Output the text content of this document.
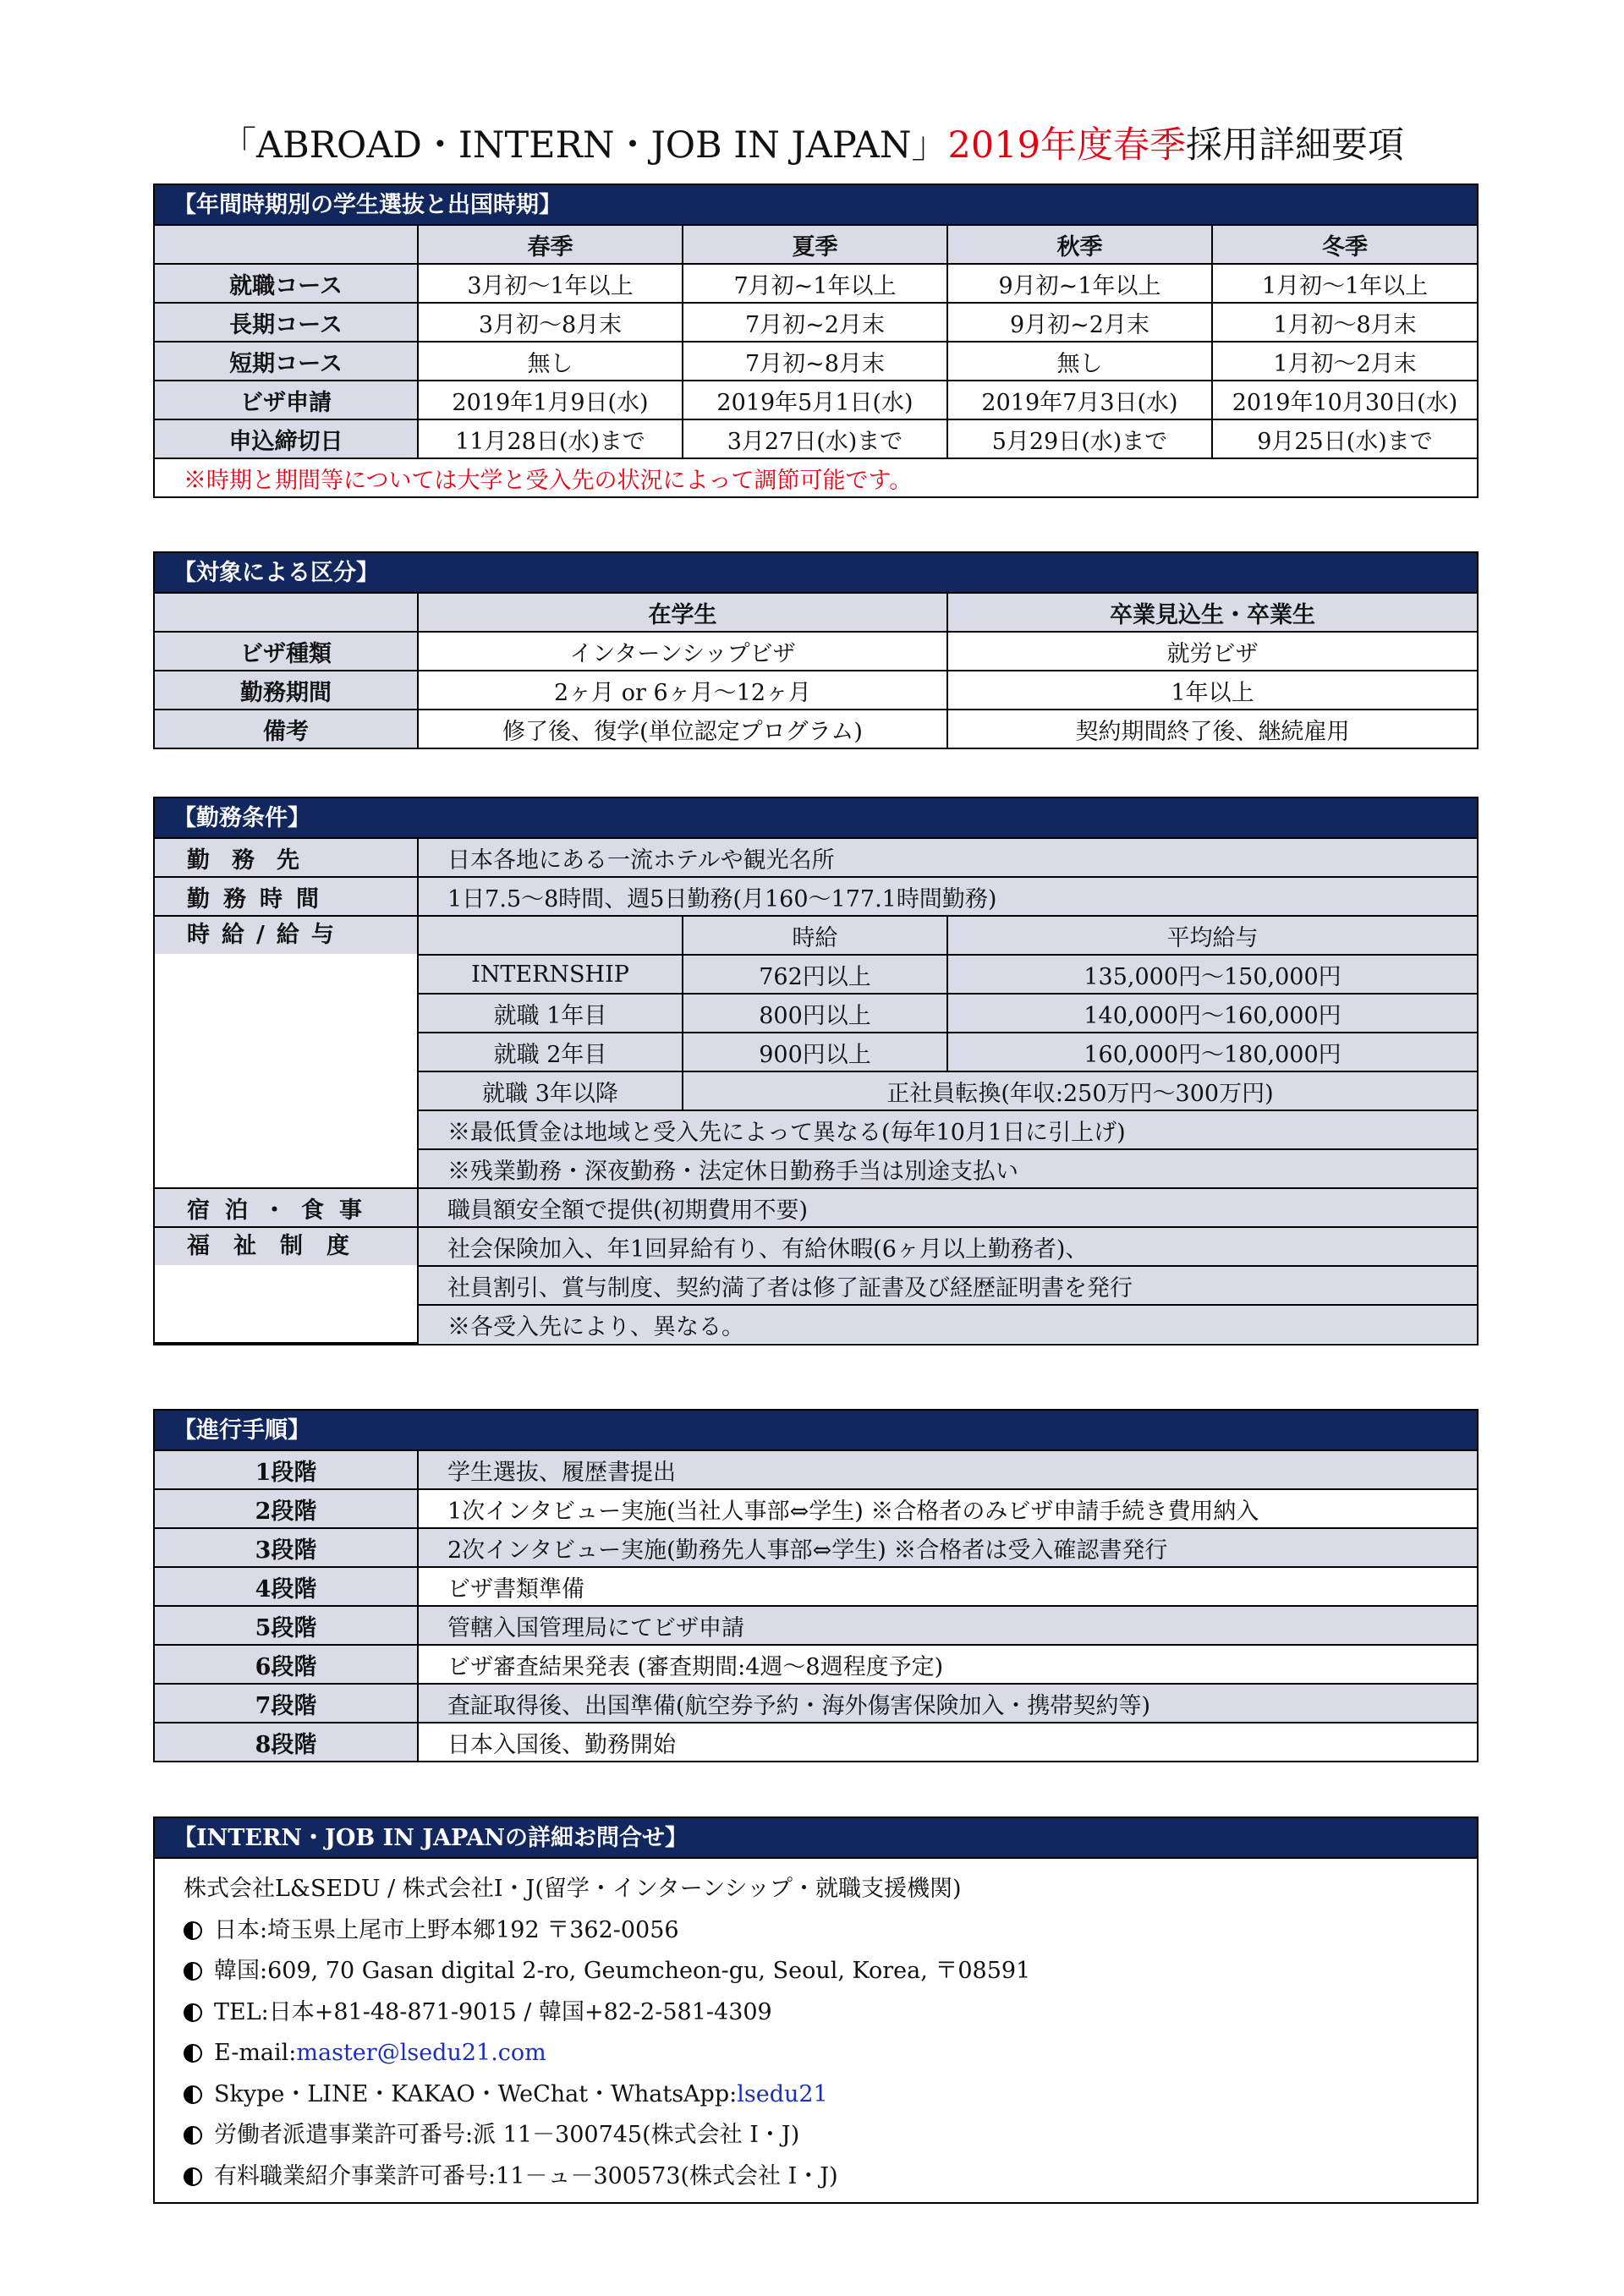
「ABROAD・INTERN・JOB IN JAPAN」2019年度春季採用詳細要項
【年間時期別の学生選抜と出国時期】
	春季	夏季	秋季	冬季
就職コース	3月初～1年以上	7月初~1年以上	9月初~1年以上	1月初～1年以上
長期コース	3月初～8月末	7月初~2月末	9月初~2月末	1月初～8月末
短期コース	無し	7月初~8月末	無し	1月初～2月末
ビザ申請	2019年1月9日(水)	2019年5月1日(水)	2019年7月3日(水)	2019年10月30日(水)
申込締切日	11月28日(水)まで	3月27日(水)まで	5月29日(水)まで	9月25日(水)まで
※時期と期間等については大学と受入先の状況によって調節可能です。				
【対象による区分】
	在学生	卒業見込生・卒業生
ビザ種類	インターンシップビザ	就労ビザ
勤務期間	2ヶ月 or 6ヶ月～12ヶ月	1年以上
備考	修了後、復学(単位認定プログラム)	契約期間終了後、継続雇用
【勤務条件】
勤務先	日本各地にある一流ホテルや観光名所		
勤務時間	1日7.5～8時間、週5日勤務(月160～177.1時間勤務)		

時給/給与		時給	平均給与
	INTERNSHIP	762円以上	135,000円～150,000円
	就職 1年目	800円以上	140,000円～160,000円
	就職 2年目	900円以上	160,000円～180,000円
	就職 3年以降	正社員転換(年収:250万円～300万円)	
	※最低賃金は地域と受入先によって異なる(毎年10月1日に引上げ)		
	※残業勤務・深夜勤務・法定休日勤務手当は別途支払い		
宿泊・食事	職員額安全額で提供(初期費用不要)		

福祉制度	社会保険加入、年1回昇給有り、有給休暇(6ヶ月以上勤務者)、		
	社員割引、賞与制度、契約満了者は修了証書及び経歴証明書を発行		
	※各受入先により、異なる。		
【進行手順】
1段階	学生選抜、履歴書提出
2段階	1次インタビュー実施(当社人事部⇔学生) ※合格者のみビザ申請手続き費用納入
3段階	2次インタビュー実施(勤務先人事部⇔学生) ※合格者は受入確認書発行
4段階	ビザ書類準備
5段階	管轄入国管理局にてビザ申請
6段階	ビザ審査結果発表 (審査期間:4週～8週程度予定)
7段階	査証取得後、出国準備(航空券予約・海外傷害保険加入・携帯契約等)
8段階	日本入国後、勤務開始
【INTERN・JOB IN JAPANの詳細お問合せ】
株式会社L&SEDU / 株式会社I・J(留学・インターンシップ・就職支援機関)
日本:埼玉県上尾市上野本郷192 〒362-0056
韓国:609, 70 Gasan digital 2-ro, Geumcheon-gu, Seoul, Korea, 〒08591
TEL:日本+81-48-871-9015 / 韓国+82-2-581-4309
E-mail:master@lsedu21.com
Skype・LINE・KAKAO・WeChat・WhatsApp:lsedu21
労働者派遣事業許可番号:派 11－300745(株式会社 I・J)
有料職業紹介事業許可番号:11－ュ－300573(株式会社 I・J)
